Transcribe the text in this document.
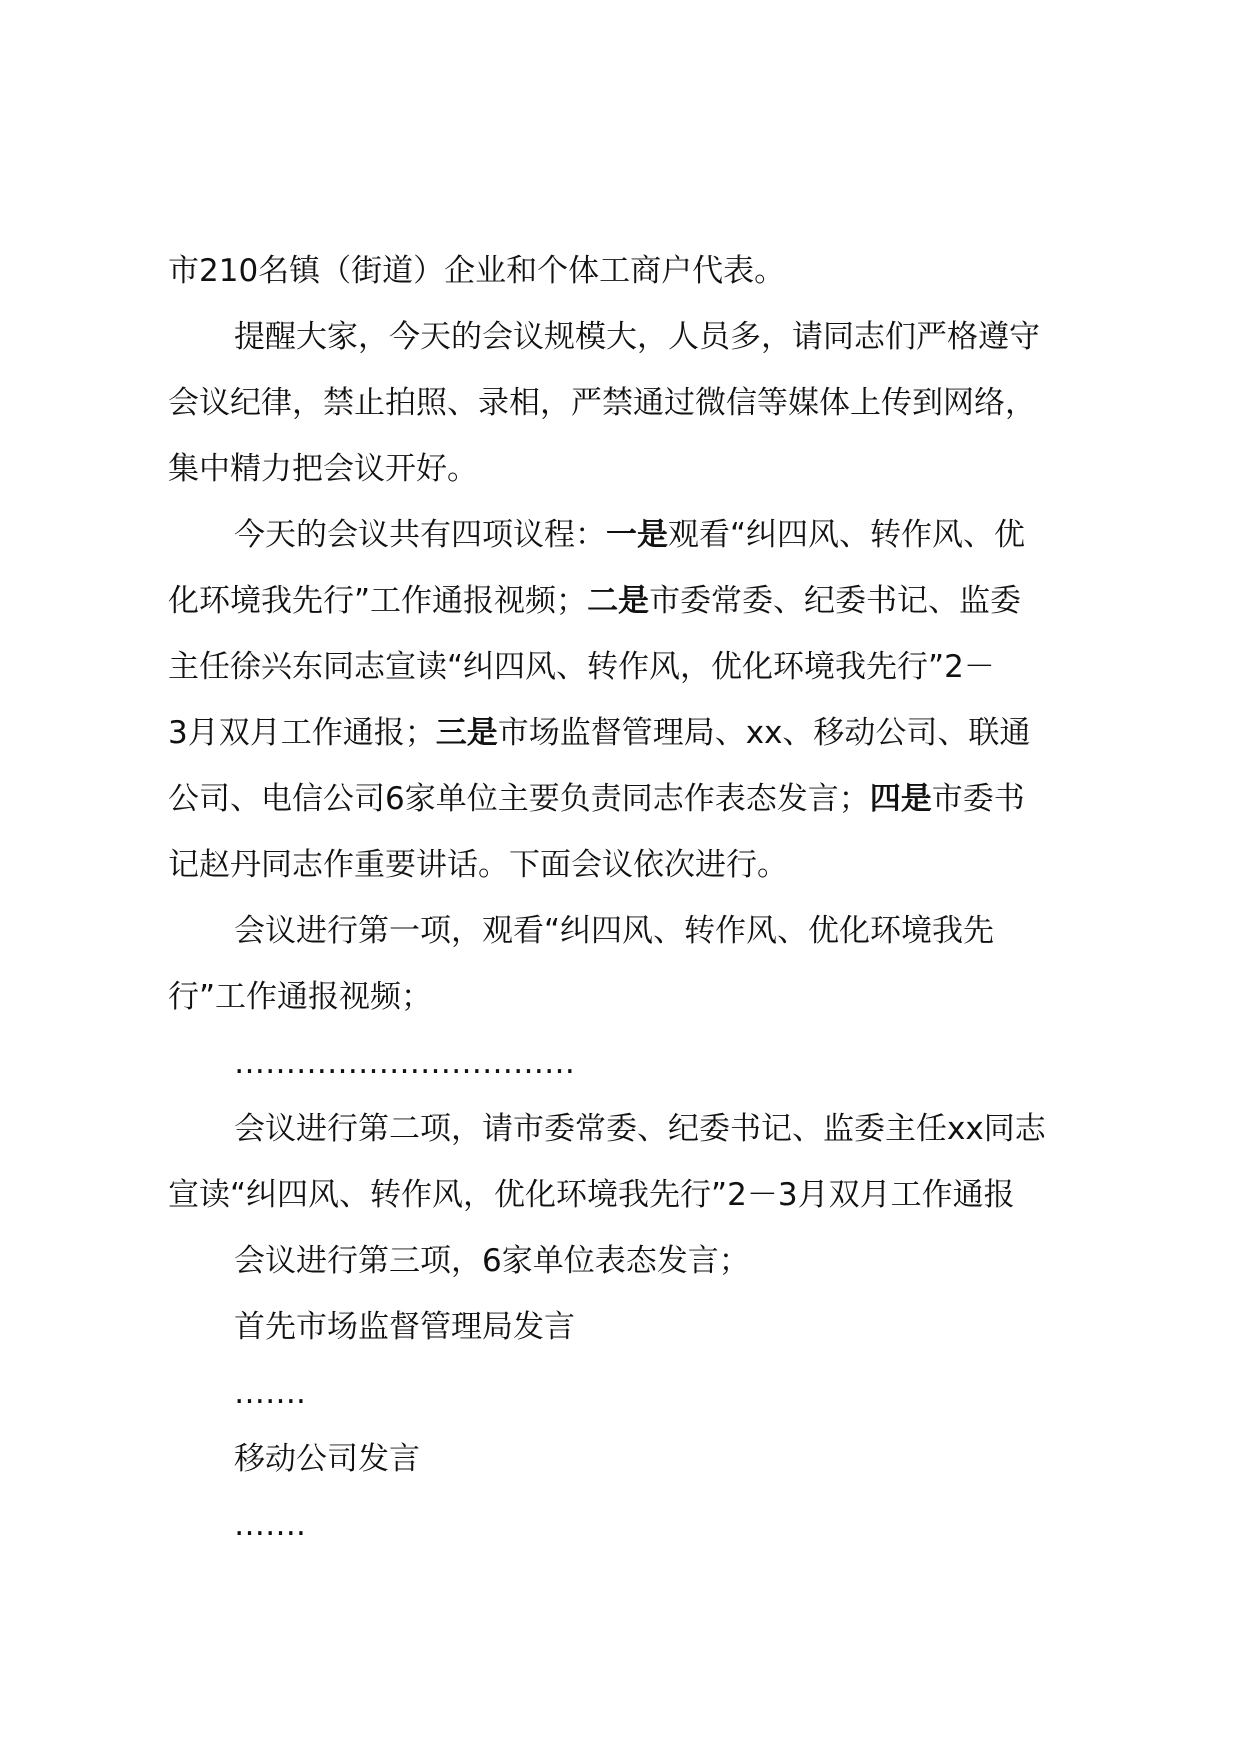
市210名镇（街道）企业和个体工商户代表。

提醒大家，今天的会议规模大，人员多，请同志们严格遵守

会议纪律，禁止拍照、录相，严禁通过微信等媒体上传到网络，

集中精力把会议开好。

今天的会议共有四项议程：一是观看“纠四风、转作风、优

化环境我先行”工作通报视频；二是市委常委、纪委书记、监委

主任徐兴东同志宣读“纠四风、转作风，优化环境我先行”2－

3月双月工作通报；三是市场监督管理局、xx、移动公司、联通

公司、电信公司6家单位主要负责同志作表态发言；四是市委书

记赵丹同志作重要讲话。下面会议依次进行。

会议进行第一项，观看“纠四风、转作风、优化环境我先

行”工作通报视频；

……………………………

会议进行第二项，请市委常委、纪委书记、监委主任xx同志

宣读“纠四风、转作风，优化环境我先行”2－3月双月工作通报

会议进行第三项，6家单位表态发言；

首先市场监督管理局发言

…….

移动公司发言

…….
